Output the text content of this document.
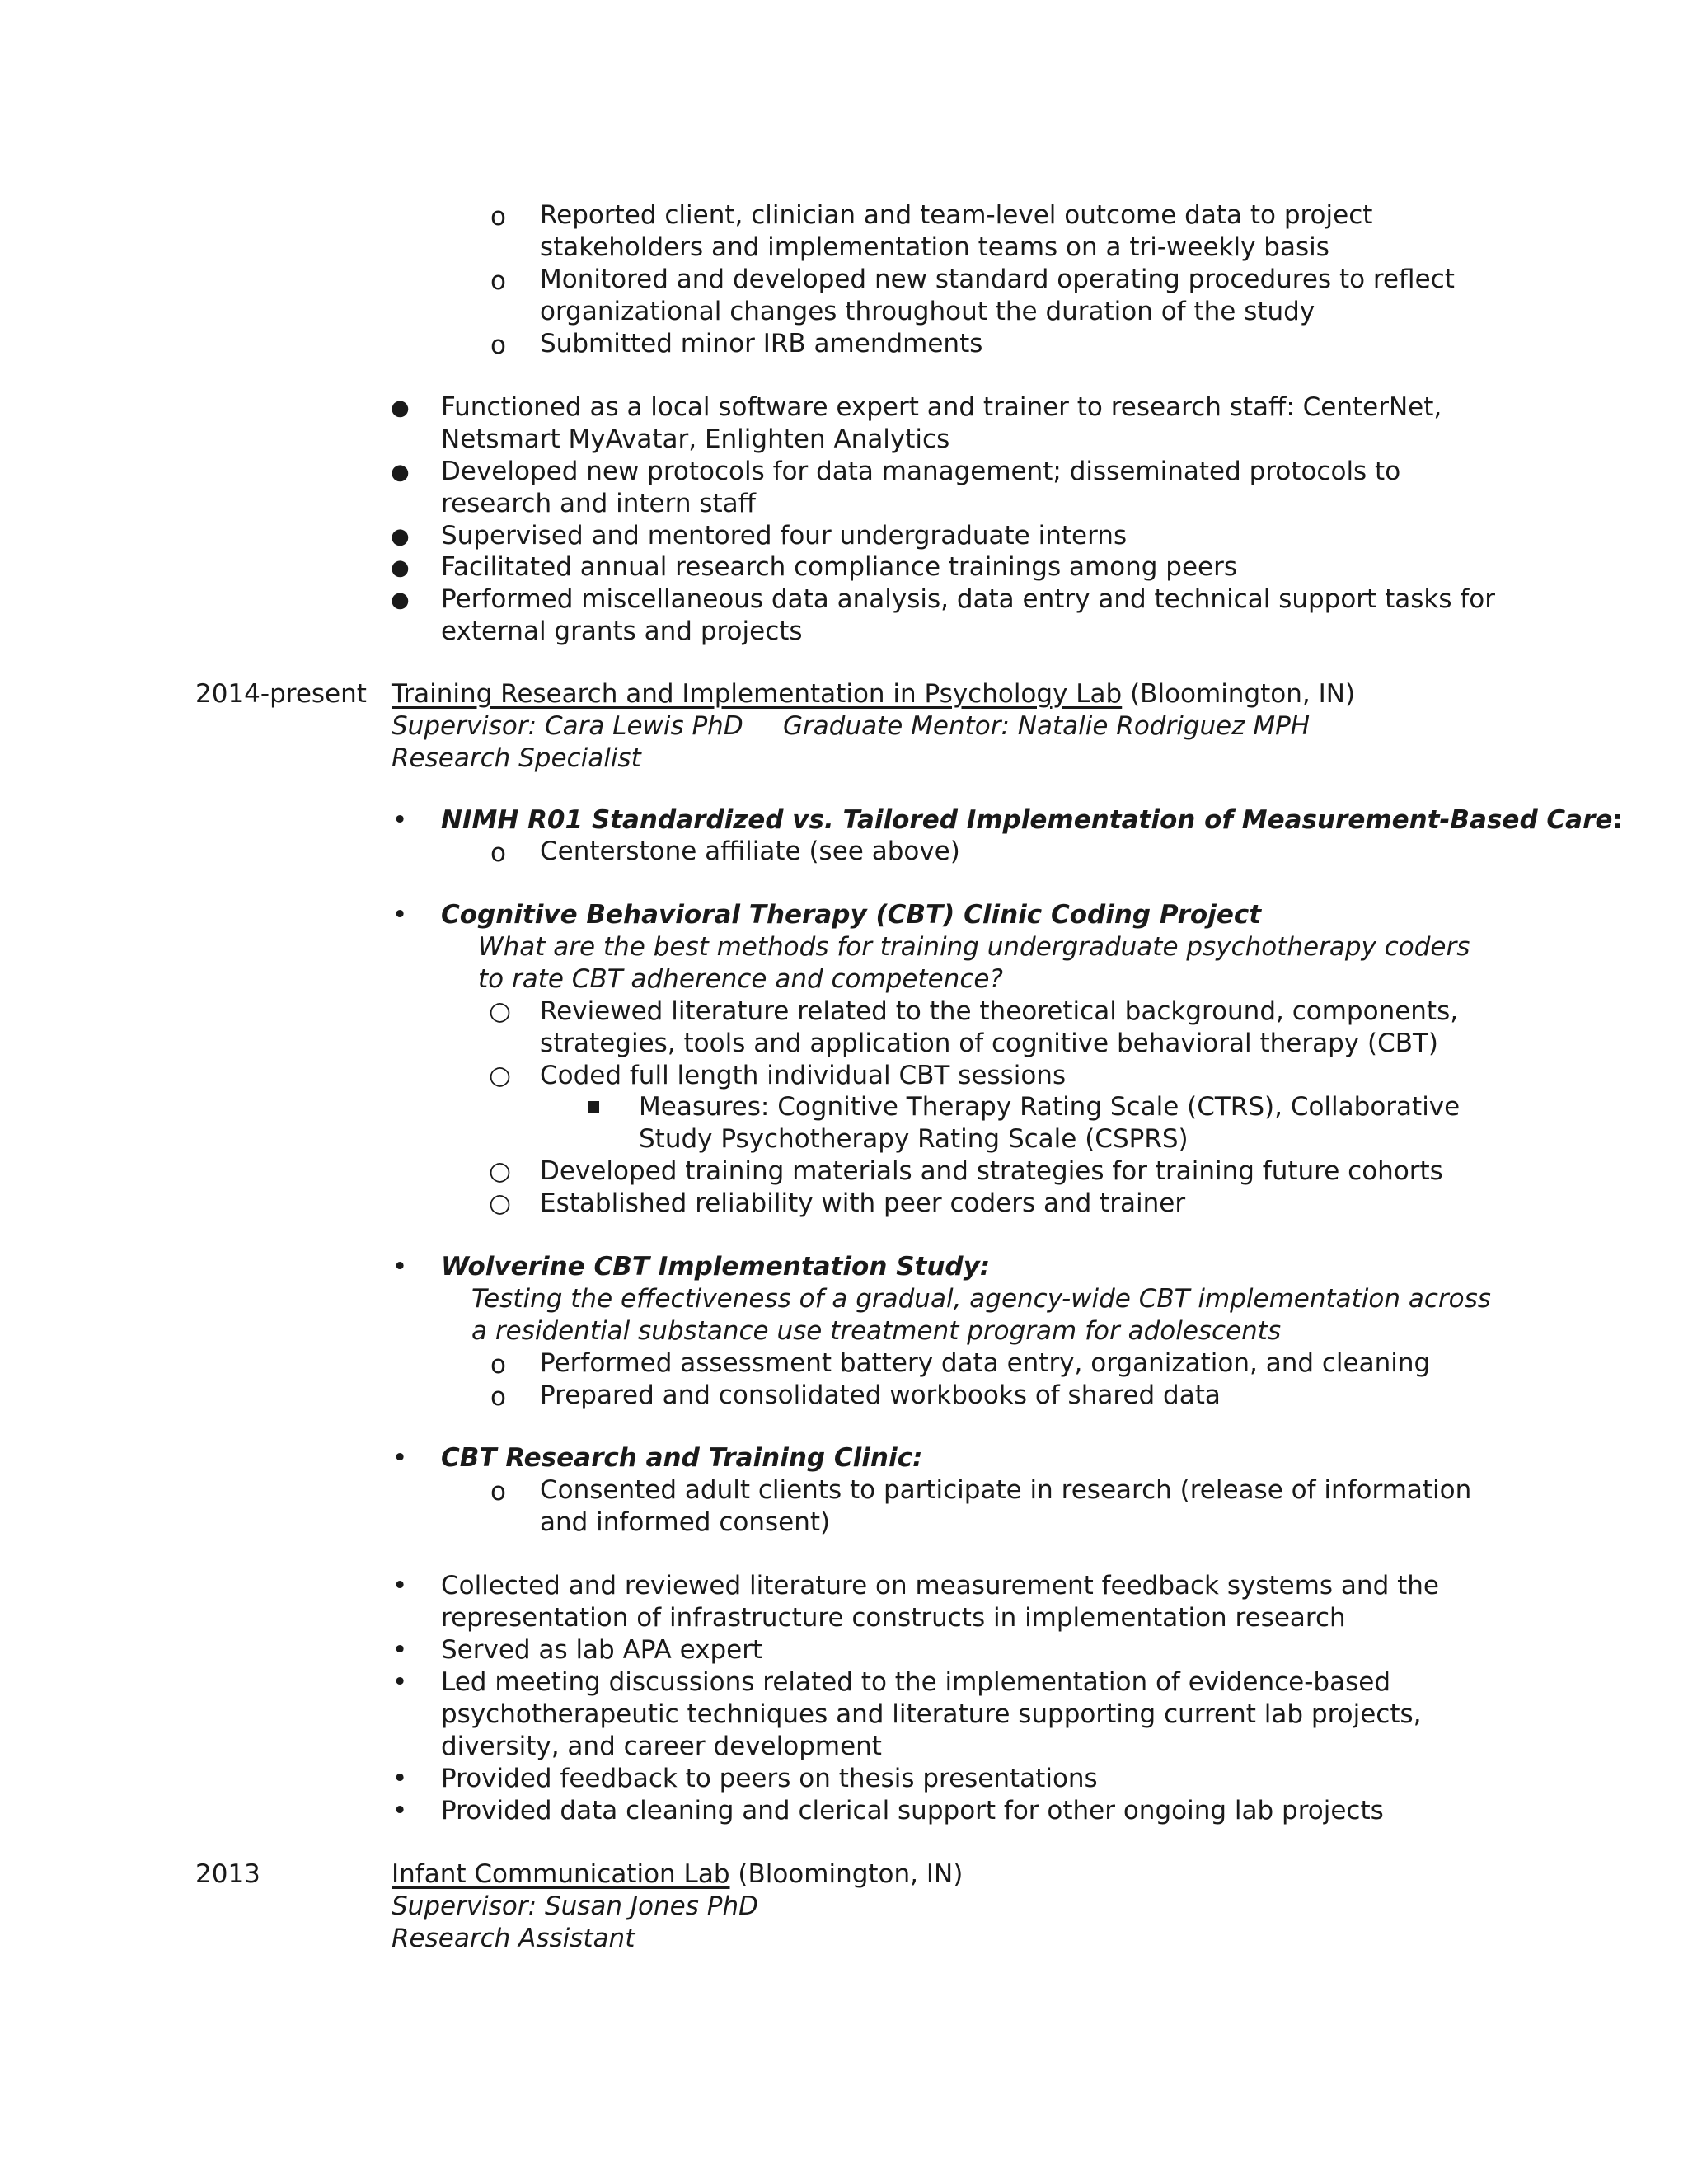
o Reported client, clinician and team-level outcome data to project
stakeholders and implementation teams on a tri-weekly basis
o Monitored and developed new standard operating procedures to reflect
organizational changes throughout the duration of the study
o Submitted minor IRB amendments
● Functioned as a local software expert and trainer to research staff: CenterNet,
Netsmart MyAvatar, Enlighten Analytics
● Developed new protocols for data management; disseminated protocols to
research and intern staff
● Supervised and mentored four undergraduate interns
● Facilitated annual research compliance trainings among peers
● Performed miscellaneous data analysis, data entry and technical support tasks for
external grants and projects
2014-present Training Research and Implementation in Psychology Lab (Bloomington, IN)
Supervisor: Cara Lewis PhD Graduate Mentor: Natalie Rodriguez MPH
Research Specialist
• NIMH R01 Standardized vs. Tailored Implementation of Measurement-Based Care:
o Centerstone affiliate (see above)
• Cognitive Behavioral Therapy (CBT) Clinic Coding Project
What are the best methods for training undergraduate psychotherapy coders
to rate CBT adherence and competence?
○ Reviewed literature related to the theoretical background, components,
strategies, tools and application of cognitive behavioral therapy (CBT)
○ Coded full length individual CBT sessions
Measures: Cognitive Therapy Rating Scale (CTRS), Collaborative
Study Psychotherapy Rating Scale (CSPRS)
○ Developed training materials and strategies for training future cohorts
○ Established reliability with peer coders and trainer
• Wolverine CBT Implementation Study:
Testing the effectiveness of a gradual, agency-wide CBT implementation across
a residential substance use treatment program for adolescents
o Performed assessment battery data entry, organization, and cleaning
o Prepared and consolidated workbooks of shared data
• CBT Research and Training Clinic:
o Consented adult clients to participate in research (release of information
and informed consent)
• Collected and reviewed literature on measurement feedback systems and the
representation of infrastructure constructs in implementation research
• Served as lab APA expert
• Led meeting discussions related to the implementation of evidence-based
psychotherapeutic techniques and literature supporting current lab projects,
diversity, and career development
• Provided feedback to peers on thesis presentations
• Provided data cleaning and clerical support for other ongoing lab projects
2013	Infant Communication Lab (Bloomington, IN)
Supervisor: Susan Jones PhD
Research Assistant
